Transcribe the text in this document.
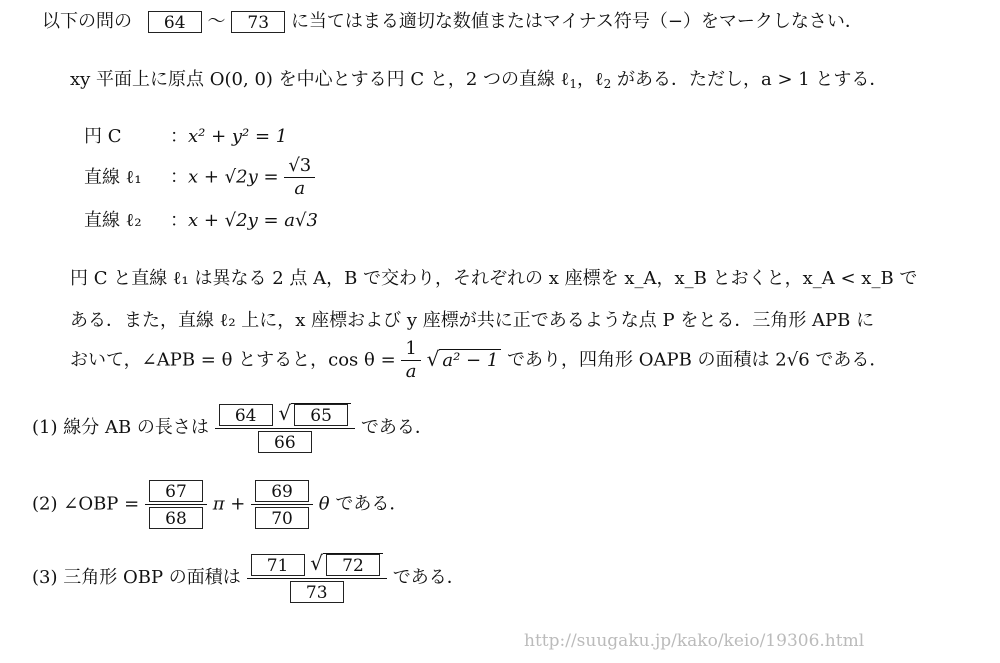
以下の問の 64 〜 73 に当てはまる適切な数値またはマイナス符号（−）をマークしなさい．
xy 平面上に原点 O(0, 0) を中心とする円 C と，2 つの直線 ℓ$_1$，ℓ$_2$ がある．ただし，a > 1 とする．
円 C	：x² + y² = 1
直線 ℓ₁ ：$x + √2y = \frac{√3}{a}$
直線 ℓ₂ ：x + √2y = a√3
円 C と直線 ℓ₁ は異なる 2 点 A，B で交わり，それぞれの x 座標を x_A，x_B とおくと，x_A < x_B で
ある．また，直線 ℓ₂ 上に，x 座標および y 座標が共に正であるような点 P をとる．三角形 APB に
おいて，∠APB = θ とすると，$\cos \theta = \frac{1}{a}$ √ a² − 1 であり，四角形 OAPB の面積は 2√6 である．
(1) 線分 AB の長さは $\frac{64 √ 65}{66}$ である．
(2) ∠OBP = $\frac{67}{68}$ $\pi + \frac{69}{70}$ θ である．
(3) 三角形 OBP の面積は $\frac{71 √ 72}{73}$ である．
http://suugaku.jp/kako/keio/19306.html
